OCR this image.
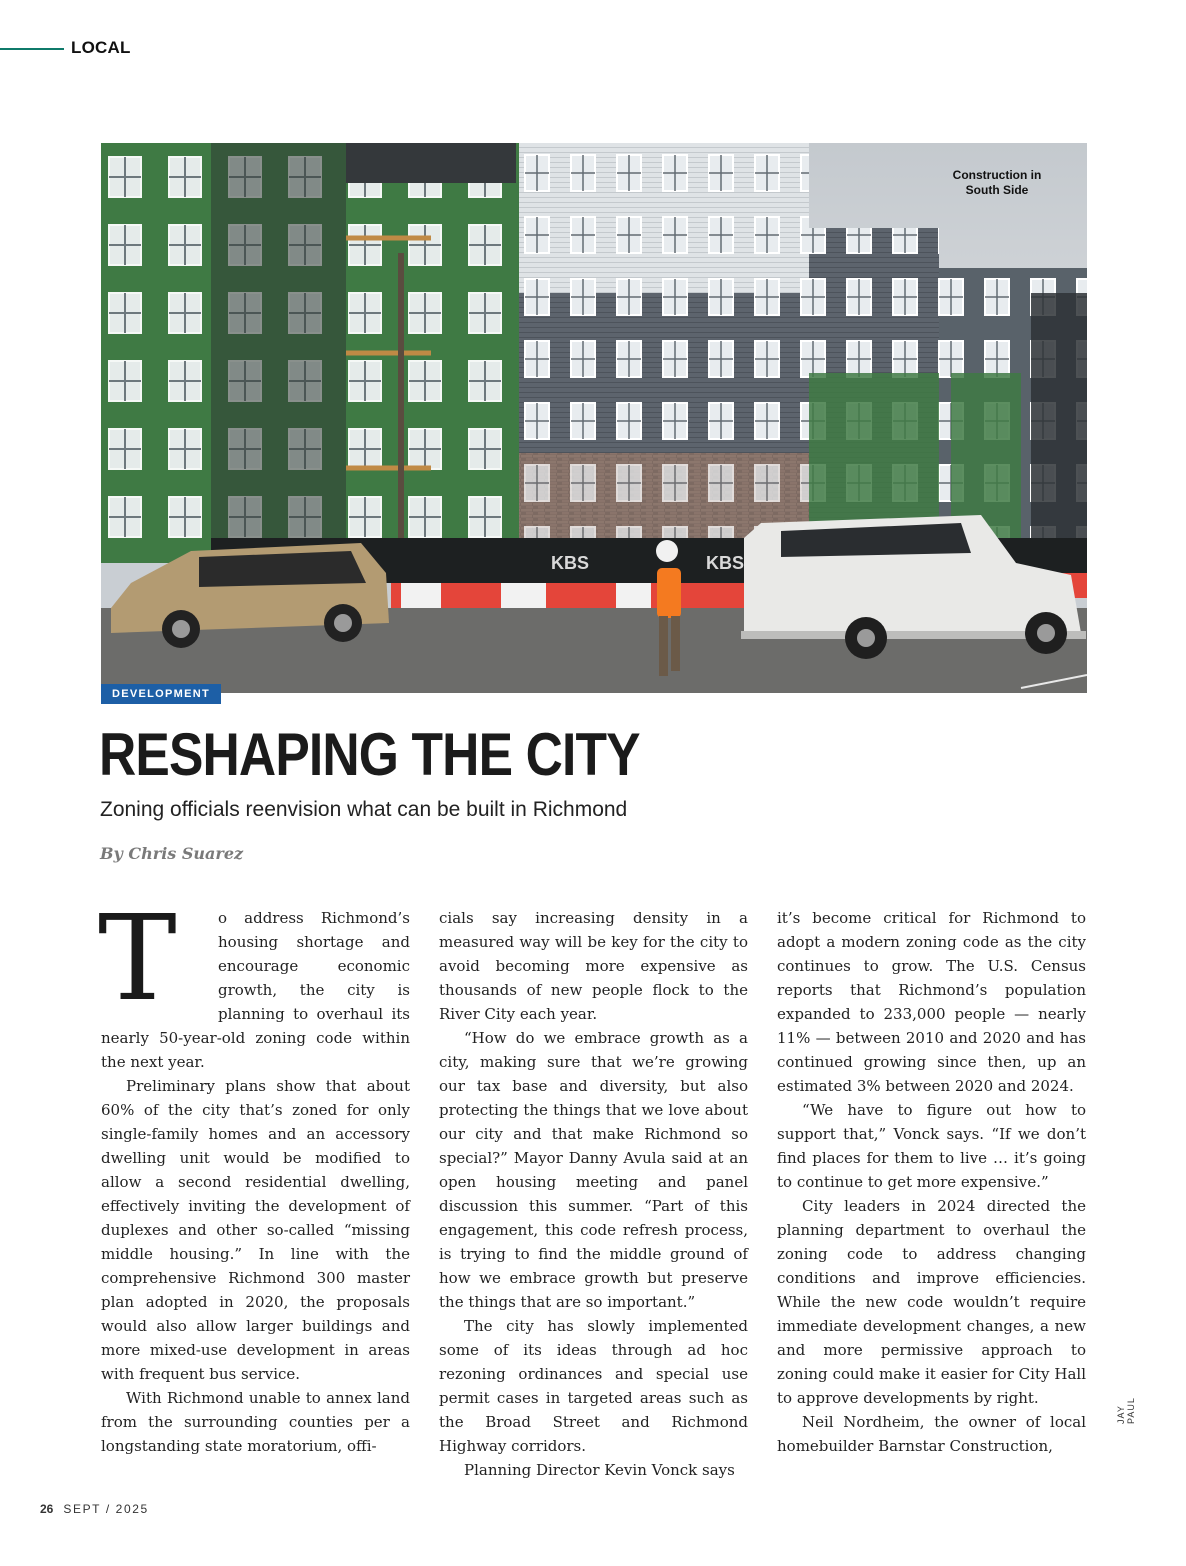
LOCAL
KBS	KBS
Construction in
South Side
DEVELOPMENT
RESHAPING THE CITY
Zoning officials reenvision what can be built in Richmond
By Chris Suarez

T	o address Richmond’s housing shortage and encourage economic growth, the city is planning to overhaul its nearly 50-year-old zoning code within the next year.

Preliminary plans show that about 60% of the city that’s zoned for only single-family homes and an accessory dwelling unit would be modified to allow a second residential dwelling, effectively inviting the development of duplexes and other so-called “missing middle housing.” In line with the comprehensive Richmond 300 master plan adopted in 2020, the proposals would also allow larger buildings and more mixed-use development in areas with frequent bus service.

With Richmond unable to annex land from the surrounding counties per a longstanding state moratorium, offi-

cials say increasing density in a measured way will be key for the city to avoid becoming more expensive as thousands of new people flock to the River City each year.

“How do we embrace growth as a city, making sure that we’re growing our tax base and diversity, but also protecting the things that we love about our city and that make Richmond so special?” Mayor Danny Avula said at an open housing meeting and panel discussion this summer. “Part of this engagement, this code refresh process, is trying to find the middle ground of how we embrace growth but preserve the things that are so important.”

The city has slowly implemented some of its ideas through ad hoc rezoning ordinances and special use permit cases in targeted areas such as the Broad Street and Richmond Highway corridors.

Planning Director Kevin Vonck says

it’s become critical for Richmond to adopt a modern zoning code as the city continues to grow. The U.S. Census reports that Richmond’s population expanded to 233,000 people — nearly 11% — between 2010 and 2020 and has continued growing since then, up an estimated 3% between 2020 and 2024.

“We have to figure out how to support that,” Vonck says. “If we don’t find places for them to live … it’s going to continue to get more expensive.”

City leaders in 2024 directed the planning department to overhaul the zoning code to address changing conditions and improve efficiencies. While the new code wouldn’t require immediate development changes, a new and more permissive approach to zoning could make it easier for City Hall to approve developments by right.

Neil Nordheim, the owner of local homebuilder Barnstar Construction,

JAY PAUL
26 SEPT / 2025
